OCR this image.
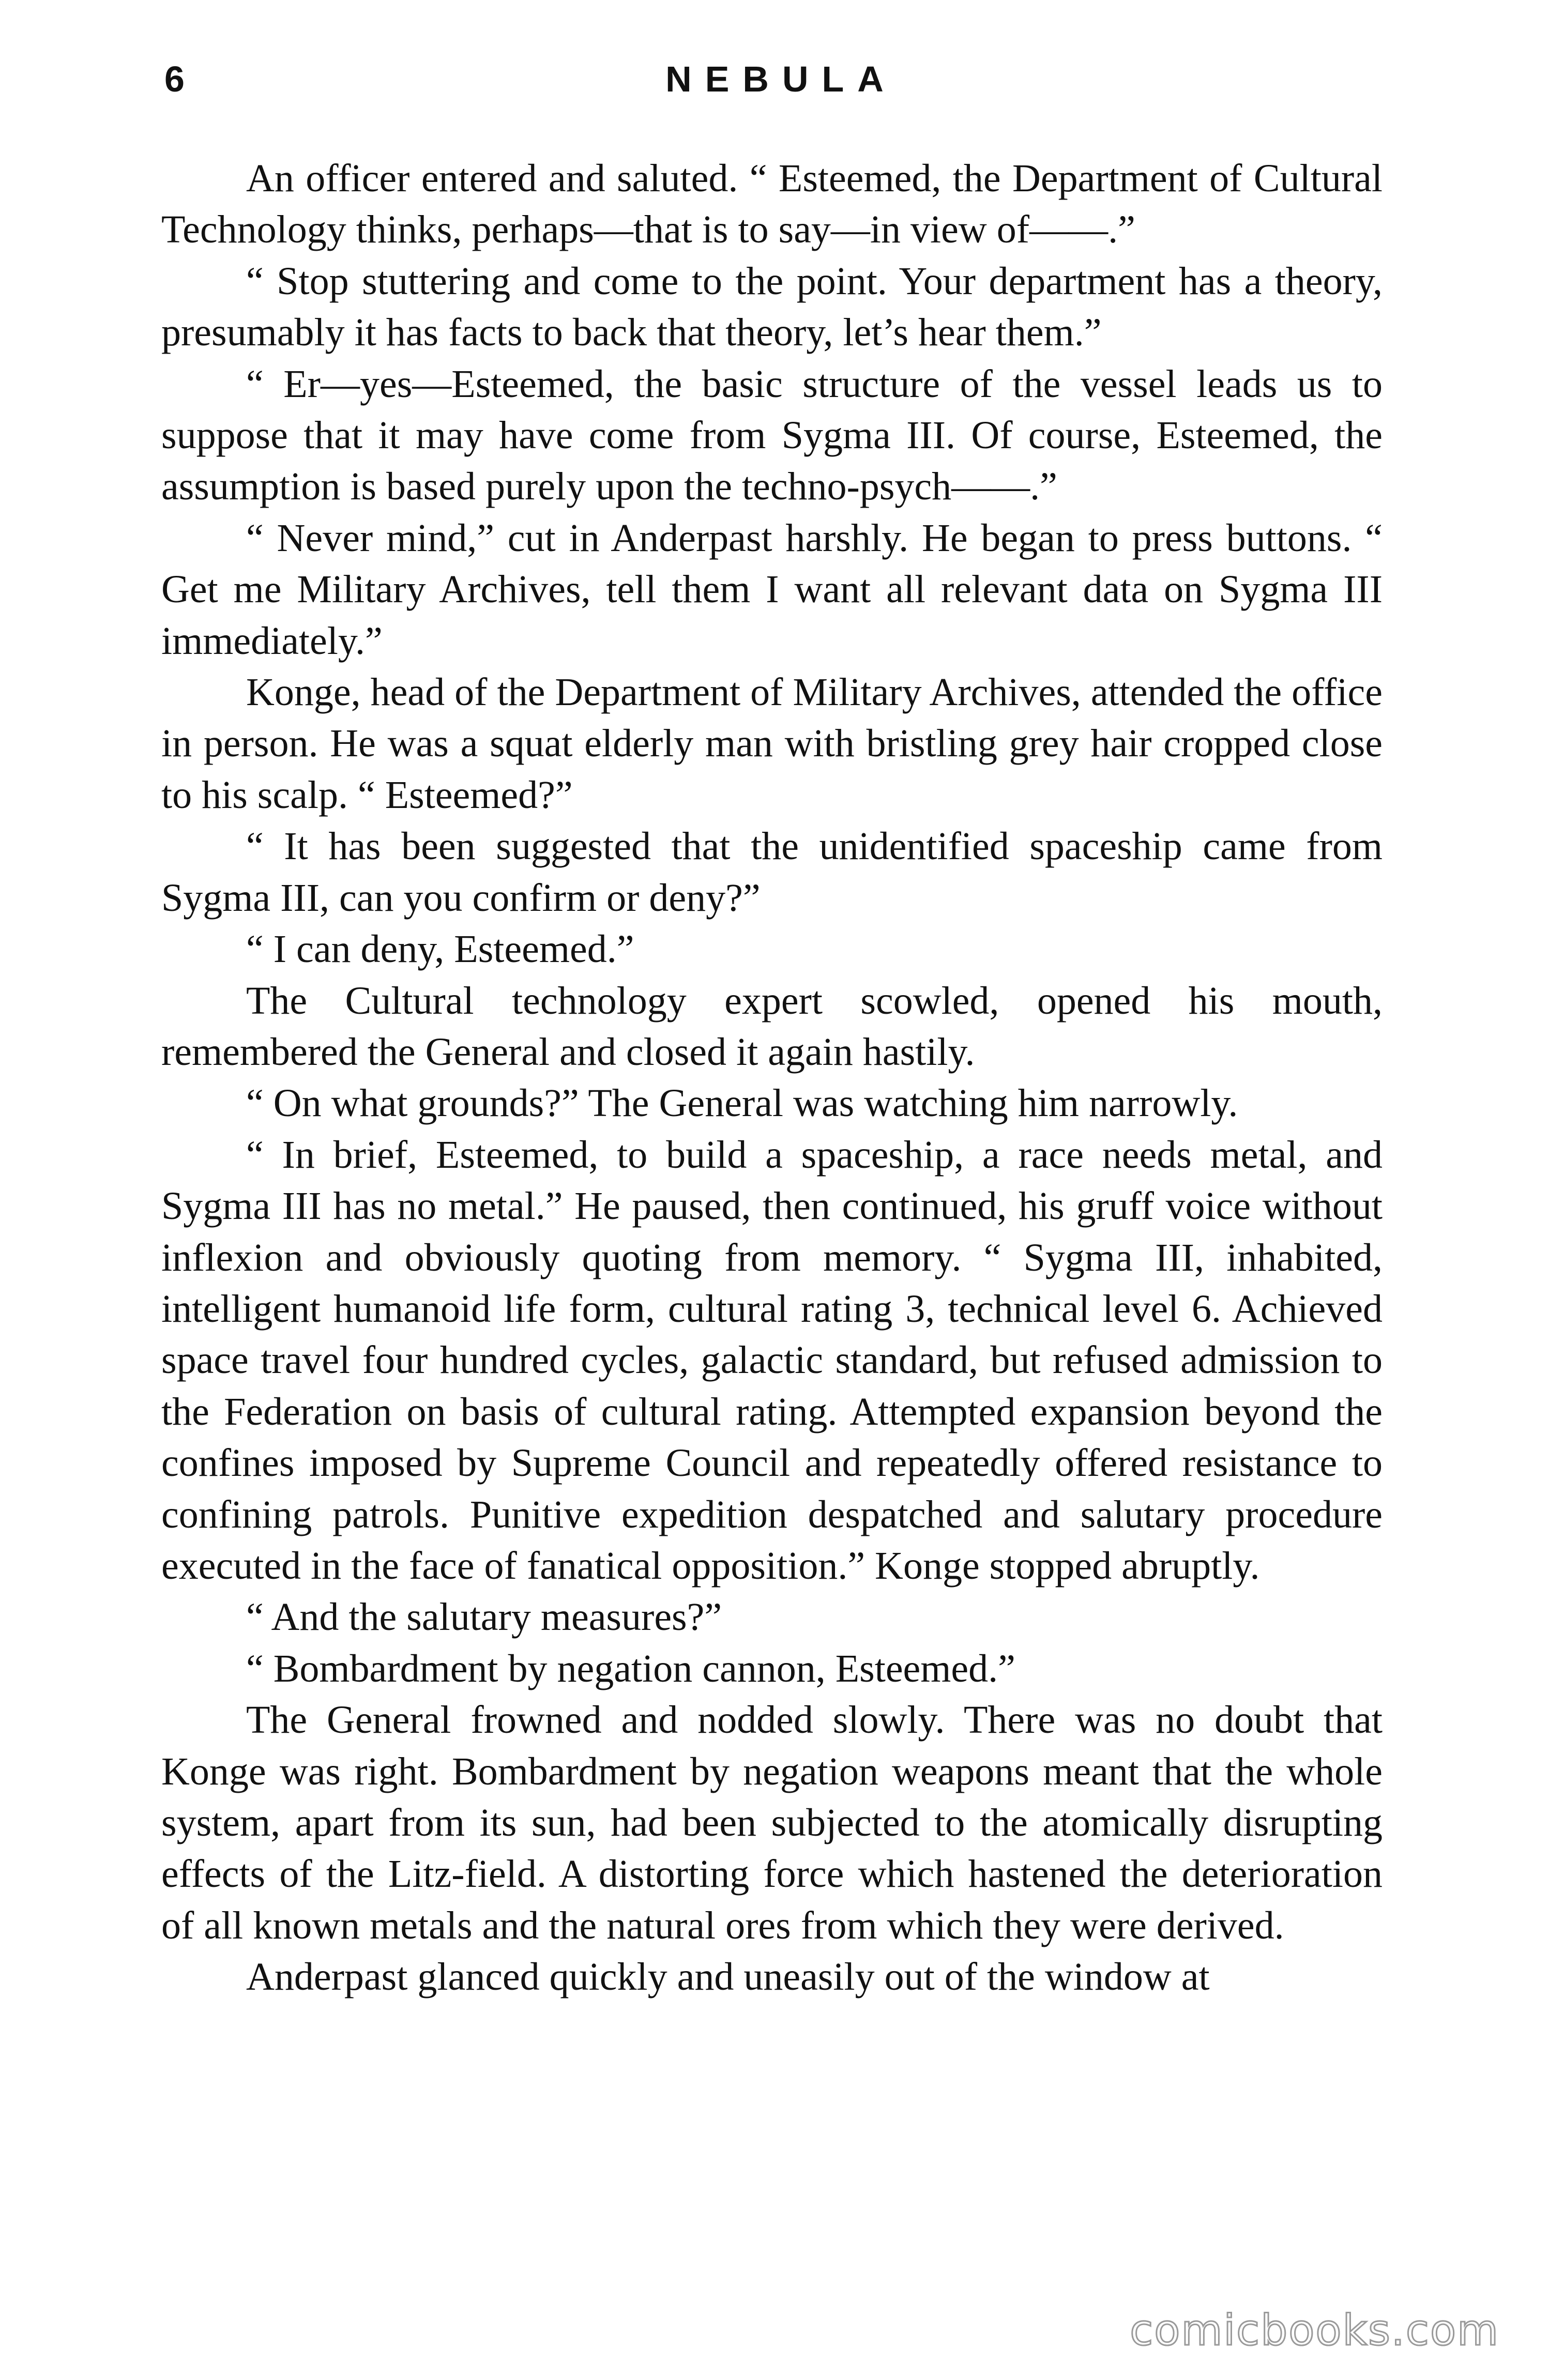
6	NEBULA

An officer entered and saluted. “ Esteemed, the Department of Cultural Technology thinks, perhaps—that is to say—in view of——.”

“ Stop stuttering and come to the point. Your department has a theory, presumably it has facts to back that theory, let’s hear them.”

“ Er—yes—Esteemed, the basic structure of the vessel leads us to suppose that it may have come from Sygma III. Of course, Esteemed, the assumption is based purely upon the techno-psych——.”

“ Never mind,” cut in Anderpast harshly. He began to press buttons. “ Get me Military Archives, tell them I want all relevant data on Sygma III immediately.”

Konge, head of the Department of Military Archives, attended the office in person. He was a squat elderly man with bristling grey hair cropped close to his scalp. “ Esteemed?”

“ It has been suggested that the unidentified spaceship came from Sygma III, can you confirm or deny?”

“ I can deny, Esteemed.”

The Cultural technology expert scowled, opened his mouth, remembered the General and closed it again hastily.

“ On what grounds?” The General was watching him narrowly.

“ In brief, Esteemed, to build a spaceship, a race needs metal, and Sygma III has no metal.” He paused, then continued, his gruff voice without inflexion and obviously quoting from memory. “ Sygma III, inhabited, intelligent humanoid life form, cultural rating 3, technical level 6. Achieved space travel four hundred cycles, galactic standard, but refused admission to the Federation on basis of cultural rating. Attempted expansion beyond the confines imposed by Supreme Council and repeatedly offered resistance to confining patrols. Punitive expedition despatched and salutary procedure executed in the face of fanatical opposition.” Konge stopped abruptly.

“ And the salutary measures?”

“ Bombardment by negation cannon, Esteemed.”

The General frowned and nodded slowly. There was no doubt that Konge was right. Bombardment by negation weapons meant that the whole system, apart from its sun, had been subjected to the atomically disrupting effects of the Litz-field. A distorting force which hastened the deterioration of all known metals and the natural ores from which they were derived.

Anderpast glanced quickly and uneasily out of the window at

comicbooks.com
